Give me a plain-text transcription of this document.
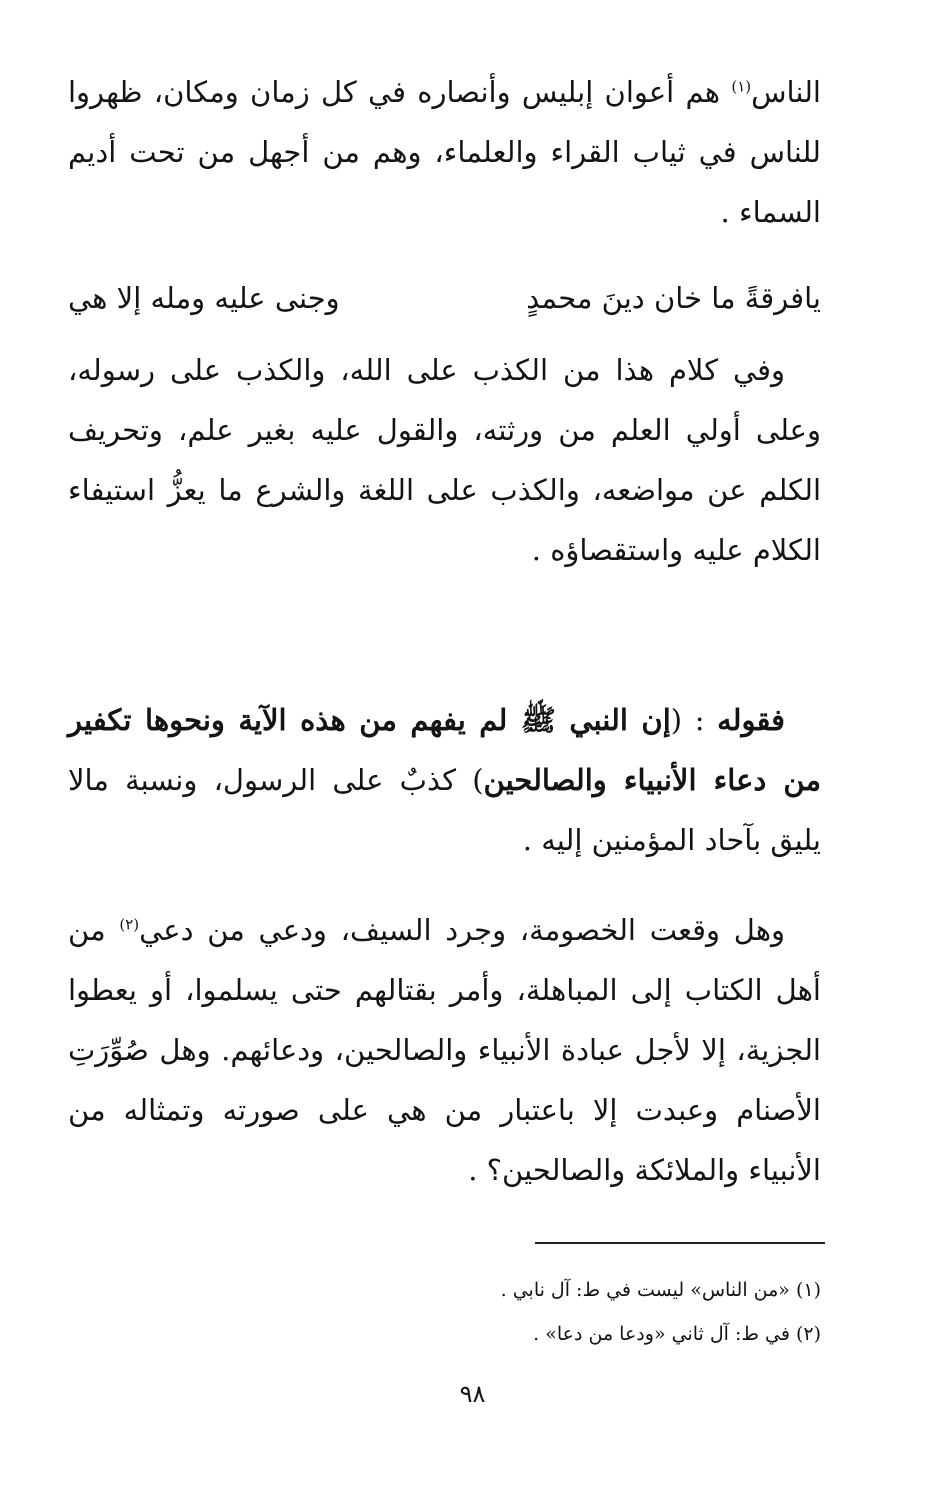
الناس$^{(١)}$ هم أعوان إبليس وأنصاره في كل زمان ومكان، ظهروا للناس في ثياب القراء والعلماء، وهم من أجهل من تحت أديم السماء .

يافرقةً ما خان دينَ محمدٍ
وجنى عليه ومله إلا هي

وفي كلام هذا من الكذب على الله، والكذب على رسوله، وعلى أولي العلم من ورثته، والقول عليه بغير علم، وتحريف الكلم عن مواضعه، والكذب على اللغة والشرع ما يعزُّ استيفاء الكلام عليه واستقصاؤه .

فقوله : (إن النبي ﷺ لم يفهم من هذه الآية ونحوها تكفير من دعاء الأنبياء والصالحين) كذبٌ على الرسول، ونسبة مالا يليق بآحاد المؤمنين إليه .

وهل وقعت الخصومة، وجرد السيف، ودعي من دعي$^{(٢)}$ من أهل الكتاب إلى المباهلة، وأمر بقتالهم حتى يسلموا، أو يعطوا الجزية، إلا لأجل عبادة الأنبياء والصالحين، ودعائهم. وهل صُوِّرَتِ الأصنام وعبدت إلا باعتبار من هي على صورته وتمثاله من الأنبياء والملائكة والصالحين؟ .

(١) «من الناس» ليست في ط: آل نابي .
(٢) في ط: آل ثاني «ودعا من دعا» .
٩٨
